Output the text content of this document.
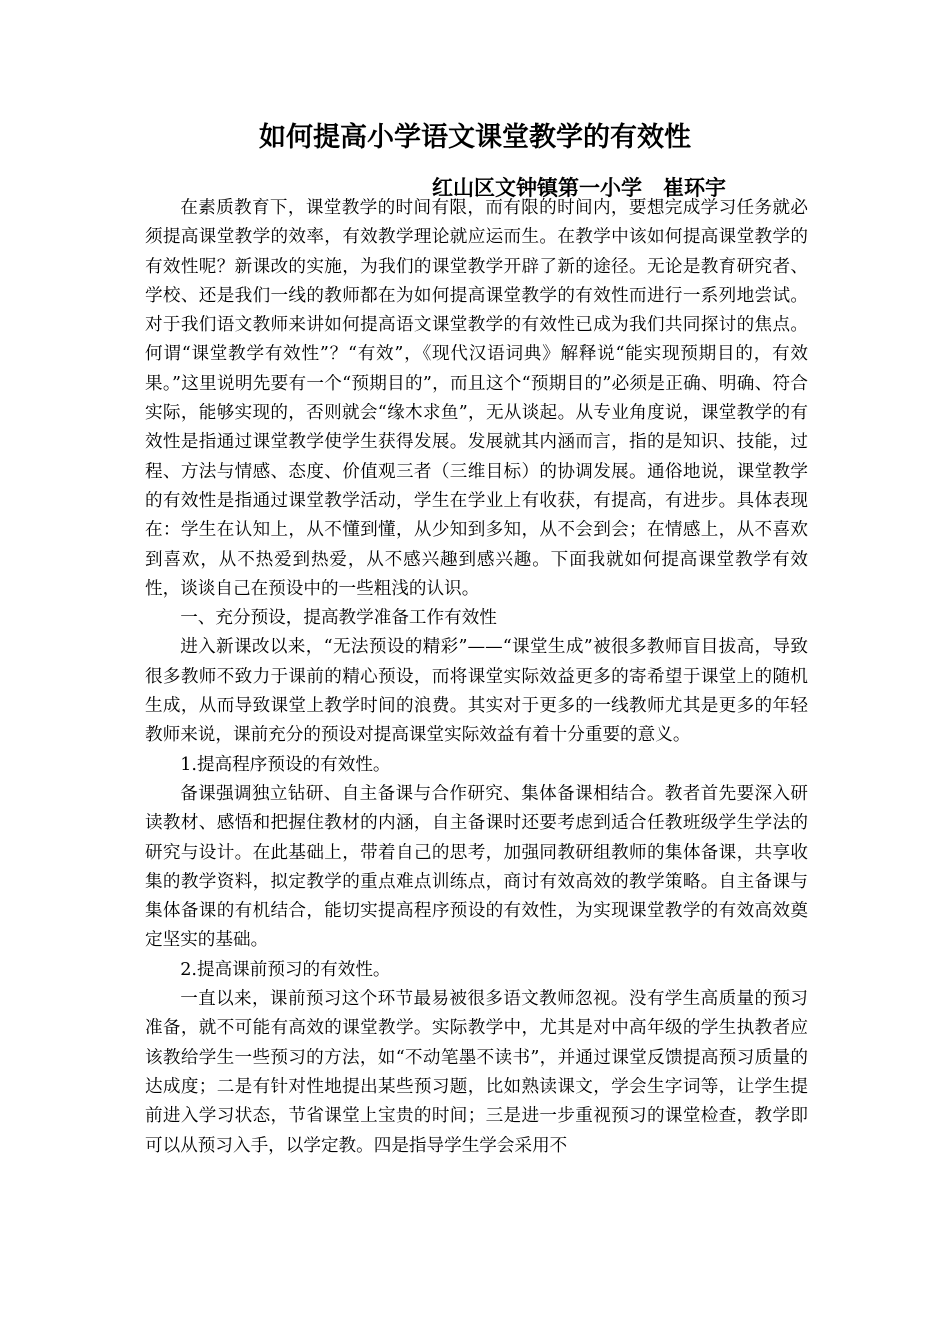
如何提高小学语文课堂教学的有效性

红山区文钟镇第一小学　崔环宇

在素质教育下，课堂教学的时间有限，而有限的时间内，要想完成学习任务就必须提高课堂教学的效率，有效教学理论就应运而生。在教学中该如何提高课堂教学的有效性呢？新课改的实施，为我们的课堂教学开辟了新的途径。无论是教育研究者、学校、还是我们一线的教师都在为如何提高课堂教学的有效性而进行一系列地尝试。对于我们语文教师来讲如何提高语文课堂教学的有效性已成为我们共同探讨的焦点。何谓“课堂教学有效性”？“有效”，《现代汉语词典》解释说“能实现预期目的，有效果。”这里说明先要有一个“预期目的”，而且这个“预期目的”必须是正确、明确、符合实际，能够实现的，否则就会“缘木求鱼”，无从谈起。从专业角度说，课堂教学的有效性是指通过课堂教学使学生获得发展。发展就其内涵而言，指的是知识、技能，过程、方法与情感、态度、价值观三者（三维目标）的协调发展。通俗地说，课堂教学的有效性是指通过课堂教学活动，学生在学业上有收获，有提高，有进步。具体表现在：学生在认知上，从不懂到懂，从少知到多知，从不会到会；在情感上，从不喜欢到喜欢，从不热爱到热爱，从不感兴趣到感兴趣。下面我就如何提高课堂教学有效性，谈谈自己在预设中的一些粗浅的认识。

一、充分预设，提高教学准备工作有效性

进入新课改以来，“无法预设的精彩”——“课堂生成”被很多教师盲目拔高，导致很多教师不致力于课前的精心预设，而将课堂实际效益更多的寄希望于课堂上的随机生成，从而导致课堂上教学时间的浪费。其实对于更多的一线教师尤其是更多的年轻教师来说，课前充分的预设对提高课堂实际效益有着十分重要的意义。

1.提高程序预设的有效性。

备课强调独立钻研、自主备课与合作研究、集体备课相结合。教者首先要深入研读教材、感悟和把握住教材的内涵，自主备课时还要考虑到适合任教班级学生学法的研究与设计。在此基础上，带着自己的思考，加强同教研组教师的集体备课，共享收集的教学资料，拟定教学的重点难点训练点，商讨有效高效的教学策略。自主备课与集体备课的有机结合，能切实提高程序预设的有效性，为实现课堂教学的有效高效奠定坚实的基础。

2.提高课前预习的有效性。

一直以来，课前预习这个环节最易被很多语文教师忽视。没有学生高质量的预习准备，就不可能有高效的课堂教学。实际教学中，尤其是对中高年级的学生执教者应该教给学生一些预习的方法，如“不动笔墨不读书”，并通过课堂反馈提高预习质量的达成度；二是有针对性地提出某些预习题，比如熟读课文，学会生字词等，让学生提前进入学习状态，节省课堂上宝贵的时间；三是进一步重视预习的课堂检查，教学即可以从预习入手，以学定教。四是指导学生学会采用不
